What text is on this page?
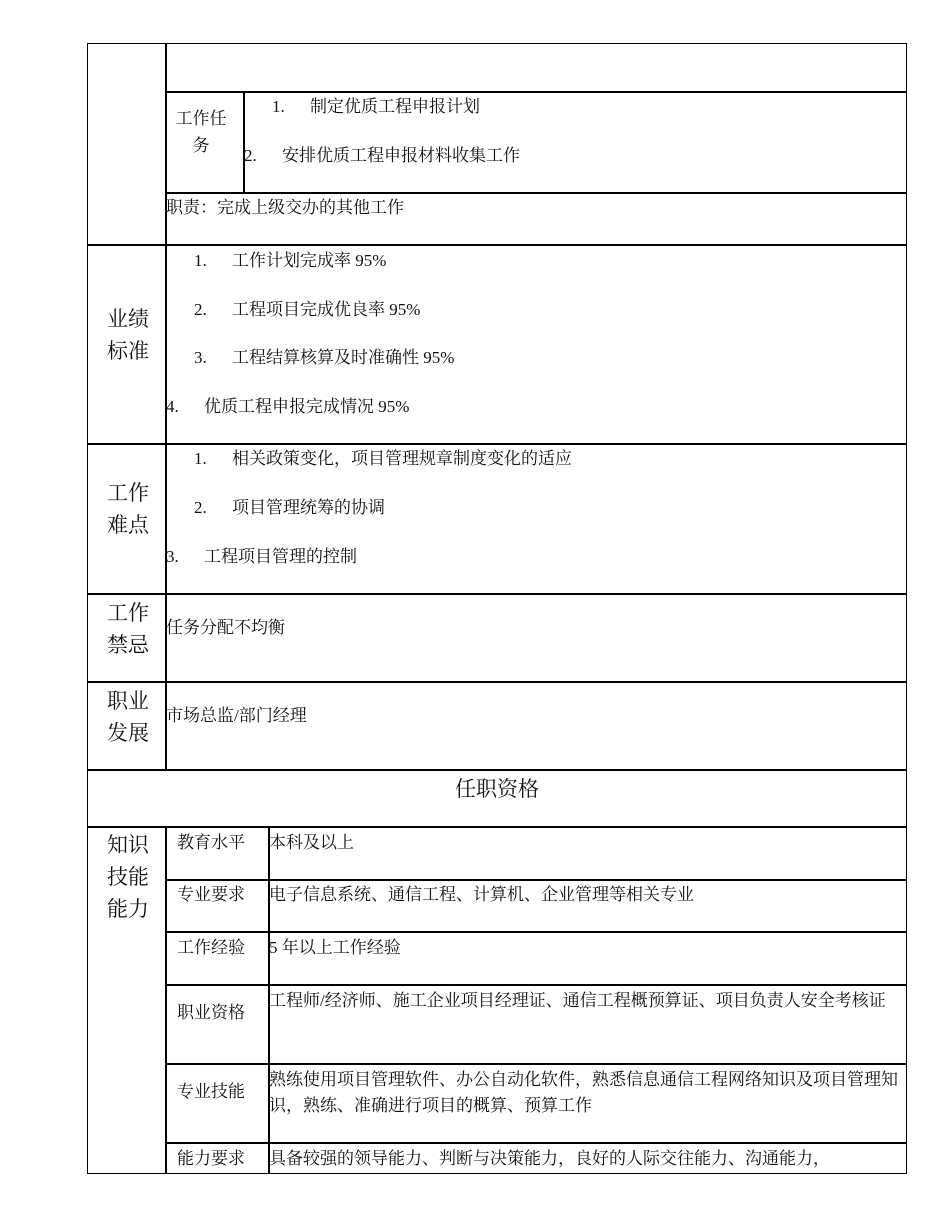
工作任务
1. 制定优质工程申报计划
2. 安排优质工程申报材料收集工作
职责：完成上级交办的其他工作
业绩标准
1. 工作计划完成率 95%
2. 工程项目完成优良率 95%
3. 工程结算核算及时准确性 95%
4. 优质工程申报完成情况 95%
工作难点
1. 相关政策变化，项目管理规章制度变化的适应
2. 项目管理统筹的协调
3. 工程项目管理的控制
工作禁忌
任务分配不均衡
职业发展
市场总监/部门经理
任职资格
知识技能能力
教育水平 本科及以上
专业要求 电子信息系统、通信工程、计算机、企业管理等相关专业
工作经验 5 年以上工作经验
职业资格
工程师/经济师、施工企业项目经理证、通信工程概预算证、项目负责人安全考核证
专业技能
熟练使用项目管理软件、办公自动化软件，熟悉信息通信工程网络知识及项目管理知识，熟练、准确进行项目的概算、预算工作
能力要求 具备较强的领导能力、判断与决策能力，良好的人际交往能力、沟通能力，
